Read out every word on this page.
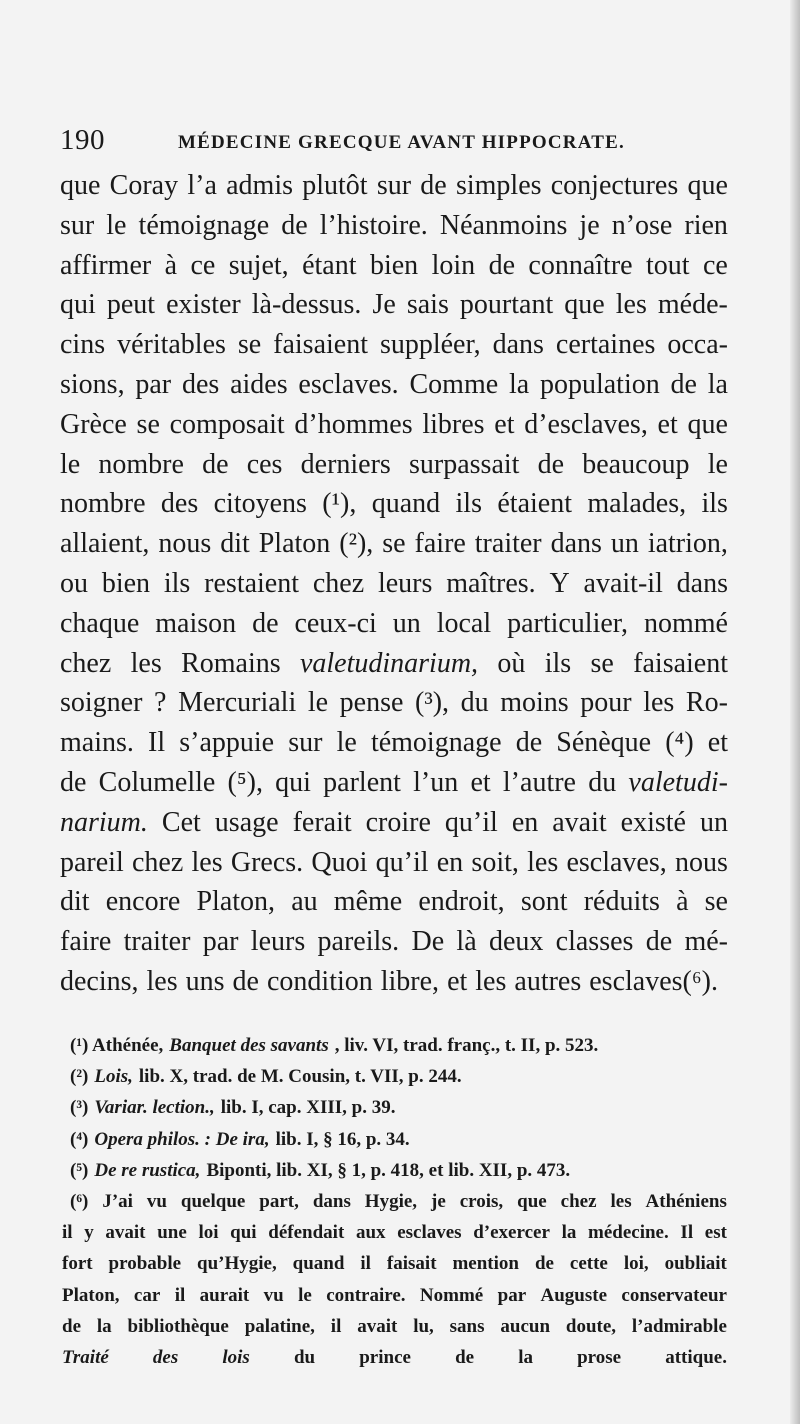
190	MÉDECINE GRECQUE AVANT HIPPOCRATE.
que Coray l’a admis plutôt sur de simples conjectures que
sur le témoignage de l’histoire. Néanmoins je n’ose rien
affirmer à ce sujet, étant bien loin de connaître tout ce
qui peut exister là-dessus. Je sais pourtant que les méde-
cins véritables se faisaient suppléer, dans certaines occa-
sions, par des aides esclaves. Comme la population de la
Grèce se composait d’hommes libres et d’esclaves, et que
le nombre de ces derniers surpassait de beaucoup le
nombre des citoyens (¹), quand ils étaient malades, ils
allaient, nous dit Platon (²), se faire traiter dans un iatrion,
ou bien ils restaient chez leurs maîtres. Y avait-il dans
chaque maison de ceux-ci un local particulier, nommé
chez les Romains valetudinarium, où ils se faisaient
soigner ? Mercuriali le pense (³), du moins pour les Ro-
mains. Il s’appuie sur le témoignage de Sénèque (⁴) et
de Columelle (⁵), qui parlent l’un et l’autre du valetudi-
narium. Cet usage ferait croire qu’il en avait existé un
pareil chez les Grecs. Quoi qu’il en soit, les esclaves, nous
dit encore Platon, au même endroit, sont réduits à se
faire traiter par leurs pareils. De là deux classes de mé-
decins, les uns de condition libre, et les autres esclaves(⁶).
(¹) Athénée, Banquet des savants , liv. VI, trad. franç., t. II, p. 523.
(²) Lois, lib. X, trad. de M. Cousin, t. VII, p. 244.
(³) Variar. lection., lib. I, cap. XIII, p. 39.
(⁴) Opera philos. : De ira, lib. I, § 16, p. 34.
(⁵) De re rustica, Biponti, lib. XI, § 1, p. 418, et lib. XII, p. 473.
(⁶) J’ai vu quelque part, dans Hygie, je crois, que chez les Athéniens
il y avait une loi qui défendait aux esclaves d’exercer la médecine. Il est
fort probable qu’Hygie, quand il faisait mention de cette loi, oubliait
Platon, car il aurait vu le contraire. Nommé par Auguste conservateur
de la bibliothèque palatine, il avait lu, sans aucun doute, l’admirable
Traité des lois du prince de la prose attique.
